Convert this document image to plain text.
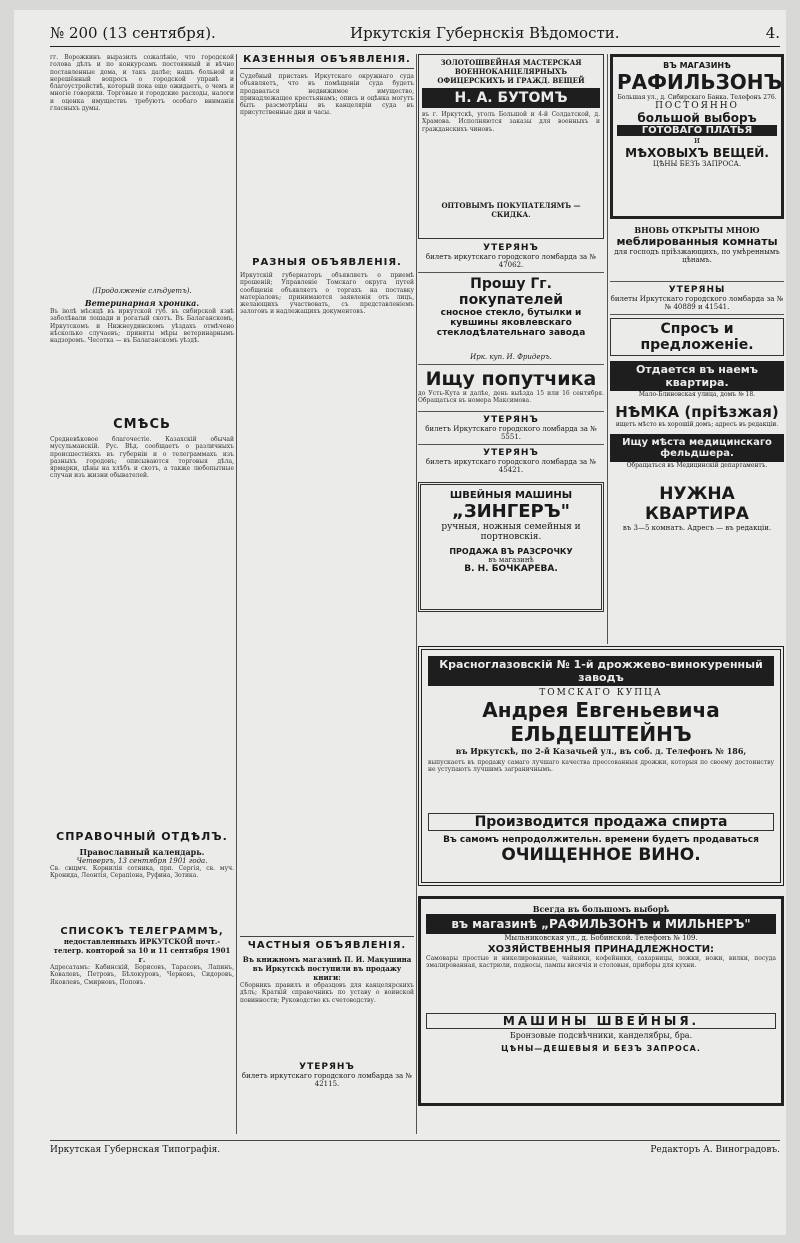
№ 200 (13 сентября).	Иркутскія Губернскія Вѣдомости.	4.
гг. Ворожкинъ выразилъ сожалѣніе, что городской голова дѣлъ и по конкурсамъ постоянный и вѣчно поставленные дома, и такъ далѣе; нашъ больной и нерешённый вопросъ о городской управѣ и благоустройствѣ, который пока еще ожидаетъ, о чемъ и многіе говорили. Торговые и городские расходы, налоги и оценка имуществъ требуютъ особаго вниманія гласныхъ думы.
(Продолженіе слѣдуетъ).
Ветеринарная хроника.
Въ іюлѣ мѣсяцѣ въ иркутской губ. въ сибирской язвѣ заболѣвали лошади и рогатый скотъ. Въ Балаганскомъ, Иркутскомъ и Нижнеудинскомъ уѣздахъ отмѣчено нѣсколько случаевъ; приняты мѣры ветеринарнымъ надзоромъ. Чесотка — въ Балаганскомъ уѣздѣ.
СМѢСЬ
Средневѣковое благочестіе. Казахскій обычай мусульманскій. Рус. Вѣд. сообщаетъ о различныхъ происшествіяхъ въ губерніи и о телеграммахъ изъ разныхъ городовъ; описываются торговыя дѣла, ярмарки, цѣны на хлѣбъ и скотъ, а также любопытные случаи изъ жизни обывателей.
СПРАВОЧНЫЙ ОТДѢЛЪ.
Православный календарь.
Четвергъ, 13 сентября 1901 года.
Св. свщмч. Корнилія сотника, прп. Сергія, св. муч. Кронида, Леонтія, Серапіона, Руфина, Зотика.
СПИСОКЪ ТЕЛЕГРАММЪ,
недоставленныхъ ИРКУТСКОЙ почт.-телегр. конторой за 10 и 11 сентября 1901 г.
Адресатамъ: Кабинскій, Борисовъ, Тарасовъ, Лапинъ, Ковалевъ, Петровъ, Бѣлокуровъ, Черновъ, Сидоровъ, Яковлевъ, Смирновъ, Поповъ.
КАЗЕННЫЯ ОБЪЯВЛЕНІЯ.
Судебный приставъ Иркутскаго окружнаго суда объявляетъ, что въ помѣщеніи суда будетъ продаваться недвижимое имущество, принадлежащее крестьянамъ; опись и оцѣнка могутъ быть разсмотрѣны въ канцеляріи суда въ присутственные дни и часы.
РАЗНЫЯ ОБЪЯВЛЕНІЯ.
Иркутскій губернаторъ объявляетъ о приемѣ прошеній; Управленіе Томскаго округа путей сообщенія объявляетъ о торгахъ на поставку матеріаловъ; принимаются заявленія отъ лицъ, желающихъ участвовать, съ представленіемъ залоговъ и надлежащихъ документовъ.
ЧАСТНЫЯ ОБЪЯВЛЕНІЯ.
Въ книжномъ магазинѣ П. И. Макушина въ Иркутскѣ поступили въ продажу книги:
Сборникъ правилъ и образцовъ для канцелярскихъ дѣлъ; Краткій справочникъ по уставу о воинской повинности; Руководство къ счетоводству.
УТЕРЯНЪ
билетъ иркутскаго городского ломбарда за № 42115.
ЗОЛОТОШВЕЙНАЯ МАСТЕРСКАЯ ВОЕННОКАНЦЕЛЯРНЫХЪ ОФИЦЕРСКИХЪ И ГРАЖД. ВЕЩЕЙ
Н. А. БУТОМЪ
въ г. Иркутскѣ, уголъ Большой и 4-й Солдатской, д. Храмова. Исполняются заказы для военныхъ и гражданскихъ чиновъ.
ОПТОВЫМЪ ПОКУПАТЕЛЯМЪ — СКИДКА.
УТЕРЯНЪ
билетъ иркутскаго городского ломбарда за № 47062.
Прошу Гг. покупателей
сносное стекло, бутылки и кувшины яковлевскаго стеклодѣлательнаго завода
Ирк. куп. И. Фридеръ.
Ищу попутчика
до Усть-Кута и далѣе, день выѣзда 15 или 16 сентября. Обращаться въ номера Максимова.
УТЕРЯНЪ
билетъ Иркутскаго городского ломбарда за № 5551.
УТЕРЯНЪ
билетъ иркутскаго городского ломбарда за № 45421.
ШВЕЙНЫЯ МАШИНЫ
„ЗИНГЕРЪ"
ручныя, ножныя семейныя и портновскія.
ПРОДАЖА ВЪ РАЗСРОЧКУ
въ магазинѣ
В. Н. БОЧКАРЕВА.
ВЪ МАГАЗИНѢ
РАФИЛЬЗОНЪ
Большая ул., д. Сибирскаго Банка. Телефонъ 276.
ПОСТОЯННО
большой выборъ
ГОТОВАГО ПЛАТЬЯ
и
МѢХОВЫХЪ ВЕЩЕЙ.
ЦѢНЫ БЕЗЪ ЗАПРОСА.
ВНОВЬ ОТКРЫТЫ МНОЮ
меблированныя комнаты
для господъ пріѣзжающихъ, по умѣреннымъ цѣнамъ.
УТЕРЯНЫ
билеты Иркутскаго городского ломбарда за №№ 40889 и 41541.
Спросъ и предложеніе.
Отдается въ наемъ квартира.
Мало-Блиновская улица, домъ № 18.
НѢМКА (пріѣзжая)
ищетъ мѣсто въ хорошій домъ; адресъ въ редакціи.
Ищу мѣста медицинскаго фельдшера.
Обращаться въ Медицинскій департаментъ.
НУЖНА КВАРТИРА
въ 3—5 комнатъ. Адресъ — въ редакціи.
Красноглазовскій № 1-й дрожжево-винокуренный заводъ
ТОМСКАГО КУПЦА
Андрея Евгеньевича ЕЛЬДЕШТЕЙНЪ
въ Иркутскѣ, по 2-й Казачьей ул., въ соб. д. Телефонъ № 186,
выпускаетъ въ продажу самаго лучшаго качества прессованныя дрожжи, которыя по своему достоинству не уступаютъ лучшимъ заграничнымъ.
Производится продажа спирта
Въ самомъ непродолжительн. времени будетъ продаваться
ОЧИЩЕННОЕ ВИНО.
Всегда въ большомъ выборѣ
въ магазинѣ „РАФИЛЬЗОНЪ и МИЛЬНЕРЪ"
Мыльниковская ул., д. Бобинской. Телефонъ № 109.
ХОЗЯЙСТВЕННЫЯ ПРИНАДЛЕЖНОСТИ:
Самовары простые и никелированные, чайники, кофейники, сахарницы, ложки, ножи, вилки, посуда эмалированная, кастрюли, подносы, лампы висячія и столовыя, приборы для кухни.
МАШИНЫ ШВЕЙНЫЯ.
Бронзовые подсвѣчники, канделябры, бра.
ЦѢНЫ—ДЕШЕВЫЯ И БЕЗЪ ЗАПРОСА.
Иркутская Губернская Типографія.	Редакторъ А. Виноградовъ.
